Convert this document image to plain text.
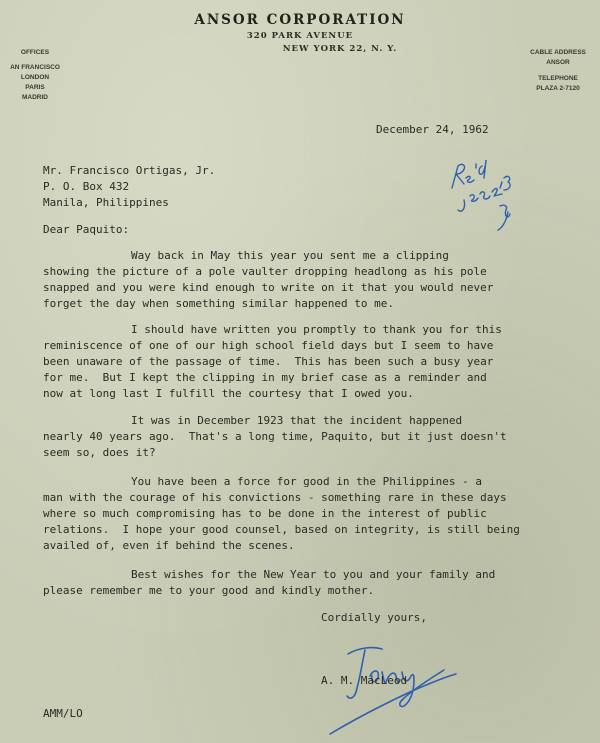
ANSOR CORPORATION
320 PARK AVENUE
NEW YORK 22, N. Y.
OFFICES
AN FRANCISCO
LONDON
PARIS
MADRID
CABLE ADDRESS
ANSOR
TELEPHONE
PLAZA 2-7120
December 24, 1962
Mr. Francisco Ortigas, Jr.
P. O. Box 432
Manila, Philippines
Dear Paquito:
Way back in May this year you sent me a clipping
showing the picture of a pole vaulter dropping headlong as his pole
snapped and you were kind enough to write on it that you would never
forget the day when something similar happened to me.
I should have written you promptly to thank you for this
reminiscence of one of our high school field days but I seem to have
been unaware of the passage of time.  This has been such a busy year
for me.  But I kept the clipping in my brief case as a reminder and
now at long last I fulfill the courtesy that I owed you.
It was in December 1923 that the incident happened
nearly 40 years ago.  That's a long time, Paquito, but it just doesn't
seem so, does it?
You have been a force for good in the Philippines - a
man with the courage of his convictions - something rare in these days
where so much compromising has to be done in the interest of public
relations.  I hope your good counsel, based on integrity, is still being
availed of, even if behind the scenes.
Best wishes for the New Year to you and your family and
please remember me to your good and kindly mother.
Cordially yours,
A. M. MacLeod
AMM/LO
